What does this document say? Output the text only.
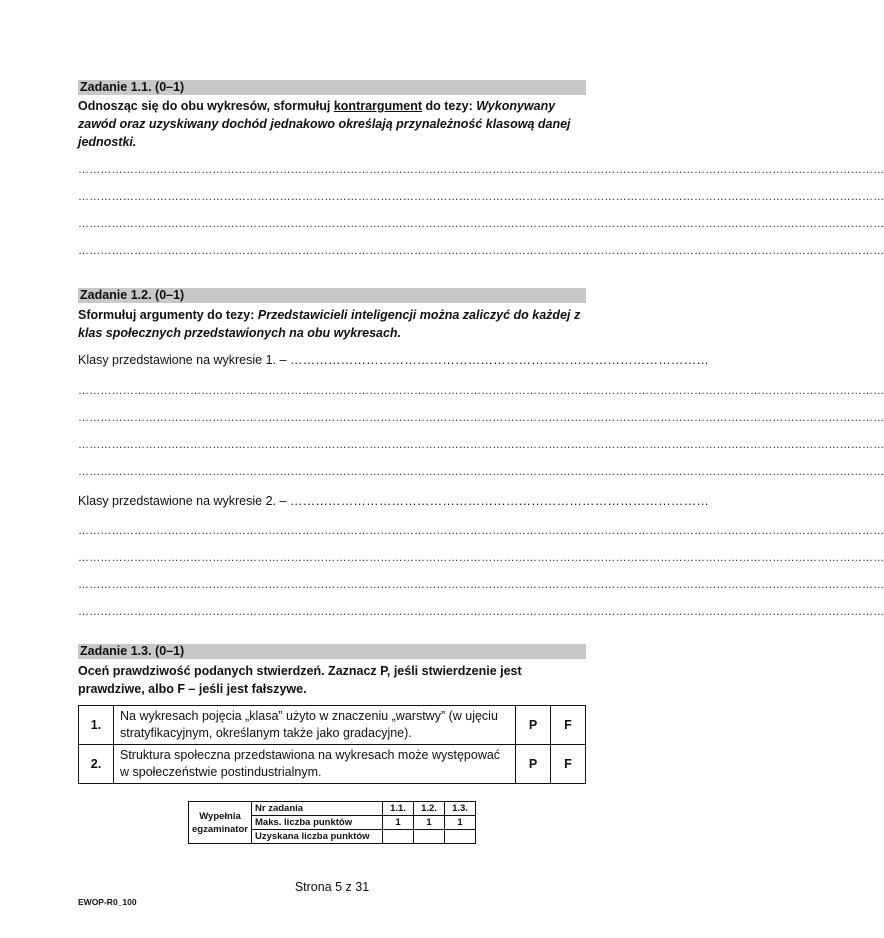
Zadanie 1.1. (0–1)
Odnosząc się do obu wykresów, sformułuj kontrargument do tezy: Wykonywany zawód oraz uzyskiwany dochód jednakowo określają przynależność klasową danej jednostki.
………………………………………………………………………………………………………………………………………………………………………………………………
………………………………………………………………………………………………………………………………………………………………………………………………
………………………………………………………………………………………………………………………………………………………………………………………………
………………………………………………………………………………………………………………………………………………………………………………………………
Zadanie 1.2. (0–1)
Sformułuj argumenty do tezy: Przedstawicieli inteligencji można zaliczyć do każdej z klas społecznych przedstawionych na obu wykresach.
Klasy przedstawione na wykresie 1. – ………………………………………………………………………………………
………………………………………………………………………………………………………………………………………………………………………………………………
………………………………………………………………………………………………………………………………………………………………………………………………
………………………………………………………………………………………………………………………………………………………………………………………………
………………………………………………………………………………………………………………………………………………………………………………………………
Klasy przedstawione na wykresie 2. – ………………………………………………………………………………………
………………………………………………………………………………………………………………………………………………………………………………………………
………………………………………………………………………………………………………………………………………………………………………………………………
………………………………………………………………………………………………………………………………………………………………………………………………
………………………………………………………………………………………………………………………………………………………………………………………………
Zadanie 1.3. (0–1)
Oceń prawdziwość podanych stwierdzeń. Zaznacz P, jeśli stwierdzenie jest prawdziwe, albo F – jeśli jest fałszywe.
1.	Na wykresach pojęcia „klasa” użyto w znaczeniu „warstwy” (w ujęciu stratyfikacyjnym, określanym także jako gradacyjne).	P	F
2.	Struktura społeczna przedstawiona na wykresach może występować w społeczeństwie postindustrialnym.	P	F
Wypełnia egzaminator	Nr zadania	1.1.	1.2.	1.3.
	Maks. liczba punktów	1	1	1
	Uzyskana liczba punktów			
Strona 5 z 31
EWOP-R0_100
